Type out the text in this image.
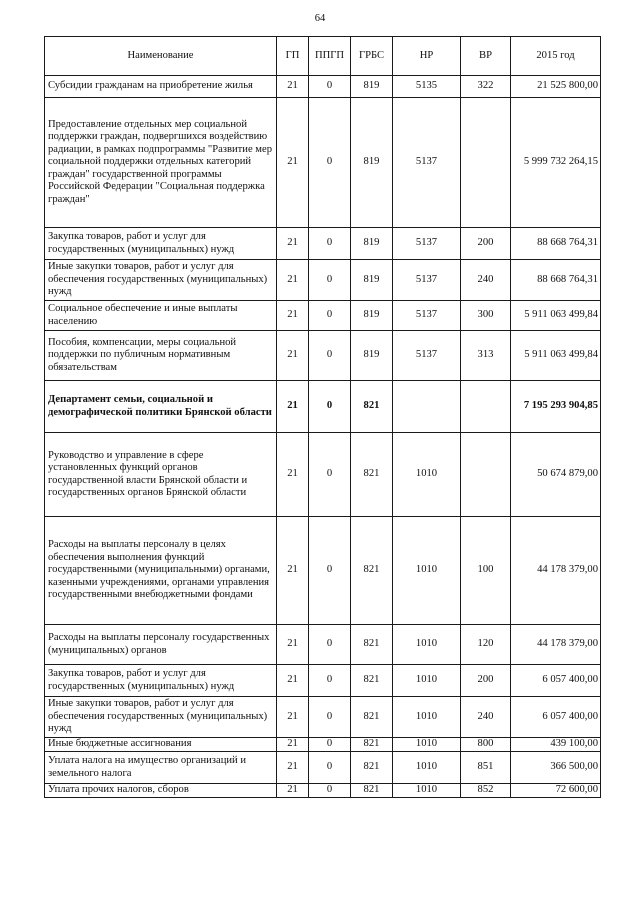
64
Наименование	ГП	ППГП	ГРБС	НР	ВР	2015 год
Субсидии гражданам на приобретение жилья	21	0	819	5135	322	21 525 800,00
Предоставление отдельных мер социальной поддержки граждан, подвергшихся воздействию радиации, в рамках подпрограммы "Развитие мер социальной поддержки отдельных категорий граждан" государственной программы Российской Федерации "Социальная поддержка граждан"	21	0	819	5137		5 999 732 264,15
Закупка товаров, работ и услуг для государственных (муниципальных) нужд	21	0	819	5137	200	88 668 764,31
Иные закупки товаров, работ и услуг для обеспечения государственных (муниципальных) нужд	21	0	819	5137	240	88 668 764,31
Социальное обеспечение и иные выплаты населению	21	0	819	5137	300	5 911 063 499,84
Пособия, компенсации, меры социальной поддержки по публичным нормативным обязательствам	21	0	819	5137	313	5 911 063 499,84
Департамент семьи, социальной и демографической политики Брянской области	21	0	821			7 195 293 904,85
Руководство и управление в сфере установленных функций органов государственной власти Брянской области и государственных органов Брянской области	21	0	821	1010		50 674 879,00
Расходы на выплаты персоналу в целях обеспечения выполнения функций государственными (муниципальными) органами, казенными учреждениями, органами управления государственными внебюджетными фондами	21	0	821	1010	100	44 178 379,00
Расходы на выплаты персоналу государственных (муниципальных) органов	21	0	821	1010	120	44 178 379,00
Закупка товаров, работ и услуг для государственных (муниципальных) нужд	21	0	821	1010	200	6 057 400,00
Иные закупки товаров, работ и услуг для обеспечения государственных (муниципальных) нужд	21	0	821	1010	240	6 057 400,00
Иные бюджетные ассигнования	21	0	821	1010	800	439 100,00
Уплата налога на имущество организаций и земельного налога	21	0	821	1010	851	366 500,00
Уплата прочих налогов, сборов	21	0	821	1010	852	72 600,00
